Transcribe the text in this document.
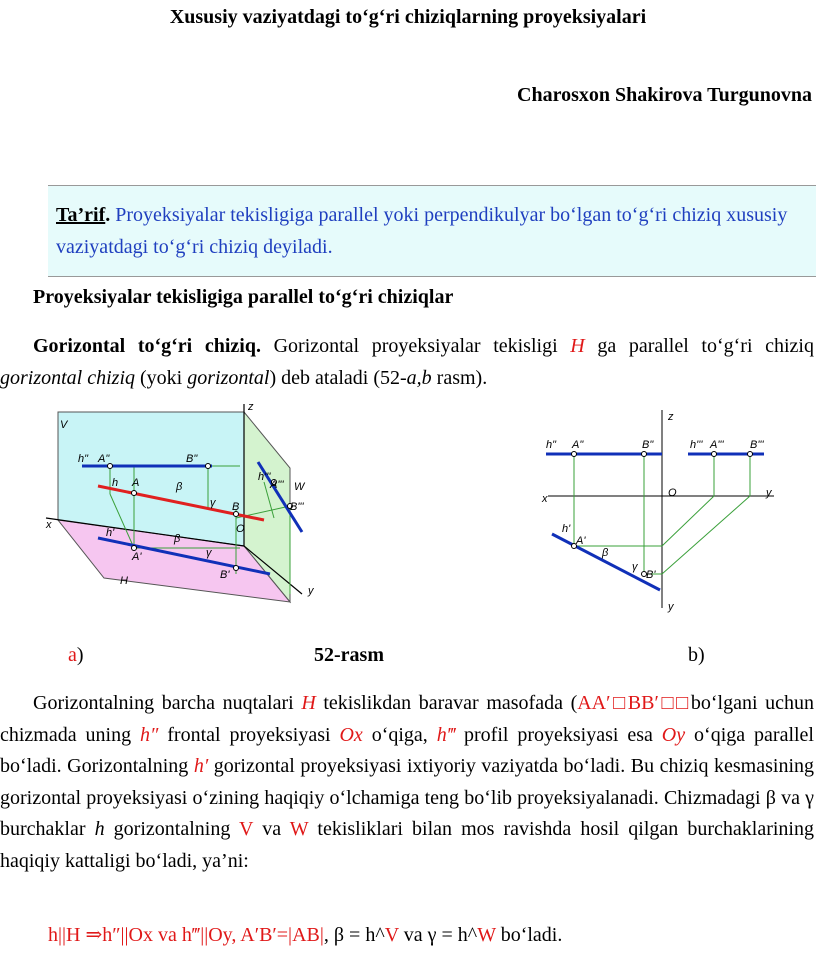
Xususiy vaziyatdagi to‘g‘ri chiziqlarning proyeksiyalari
Charosxon Shakirova Turgunovna
Ta’rif. Proyeksiyalar tekisligiga parallel yoki perpendikulyar bo‘lgan to‘g‘ri chiziq xususiy vaziyatdagi to‘g‘ri chiziq deyiladi.
Proyeksiyalar tekisligiga parallel to‘g‘ri chiziqlar
Gorizontal to‘g‘ri chiziq. Gorizontal proyeksiyalar tekisligi H ga parallel to‘g‘ri chiziq gorizontal chiziq (yoki gorizontal) deb ataladi (52-a,b rasm).
V
z
x
y
W
H
O
h" A"	B"
h A
B
h'''
A'''
B'''
h'
A'
B'
β
γ
β
γ
z
x	y
y
O
h" A"	B"	h''' A''' B'''
h'
A'
B'
β
γ
a)	52-rasm	b)
Gorizontalning barcha nuqtalari H tekislikdan baravar masofada (AA′□BB′□□bo‘lgani uchun chizmada uning h″ frontal proyeksiyasi Ox o‘qiga, h‴ profil proyeksiyasi esa Oy o‘qiga parallel bo‘ladi. Gorizontalning h′ gorizontal proyeksiyasi ixtiyoriy vaziyatda bo‘ladi. Bu chiziq kesmasining gorizontal proyeksiyasi o‘zining haqiqiy o‘lchamiga teng bo‘lib proyeksiyalanadi. Chizmadagi β va γ burchaklar h gorizontalning V va W tekisliklari bilan mos ravishda hosil qilgan burchaklarining haqiqiy kattaligi bo‘ladi, ya’ni:
h||H ⇒h″||Ox va h‴||Oy, A′B′=|AB|, β = h^V va γ = h^W bo‘ladi.
